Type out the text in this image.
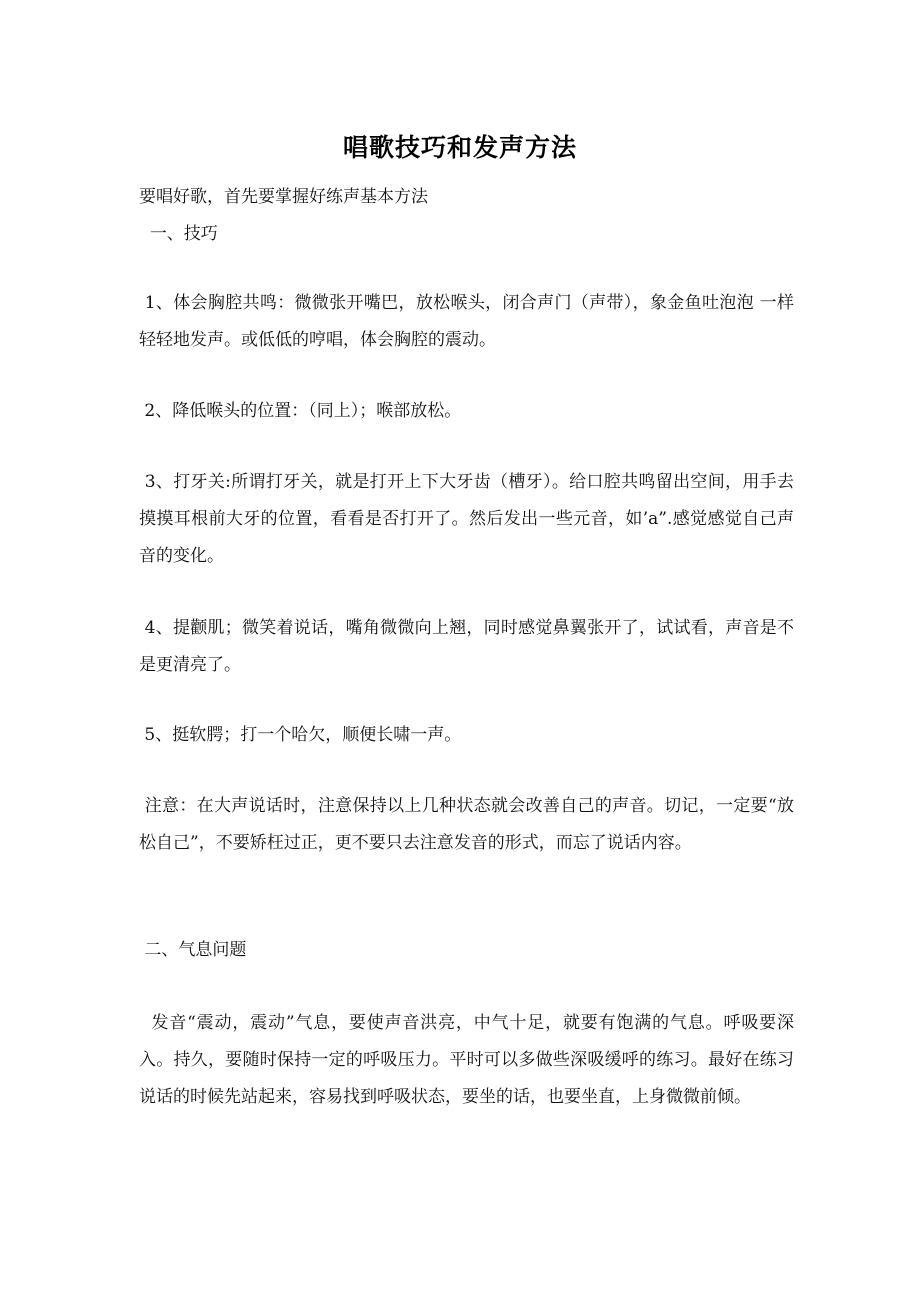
唱歌技巧和发声方法

要唱好歌，首先要掌握好练声基本方法

一、技巧

1、体会胸腔共鸣：微微张开嘴巴，放松喉头，闭合声门（声带），象金鱼吐泡泡 一样轻轻地发声。或低低的哼唱，体会胸腔的震动。

2、降低喉头的位置：（同上）；喉部放松。

3、打牙关:所谓打牙关，就是打开上下大牙齿（槽牙）。给口腔共鸣留出空间，用手去摸摸耳根前大牙的位置，看看是否打开了。然后发出一些元音，如’a”.感觉感觉自己声音的变化。

4、提颧肌；微笑着说话，嘴角微微向上翘，同时感觉鼻翼张开了，试试看，声音是不是更清亮了。

5、挺软腭；打一个哈欠，顺便长啸一声。

注意：在大声说话时，注意保持以上几种状态就会改善自己的声音。切记，一定要“放松自己”，不要矫枉过正，更不要只去注意发音的形式，而忘了说话内容。

二、气息问题

发音“震动，震动”气息，要使声音洪亮，中气十足，就要有饱满的气息。呼吸要深入。持久，要随时保持一定的呼吸压力。平时可以多做些深吸缓呼的练习。最好在练习说话的时候先站起来，容易找到呼吸状态，要坐的话，也要坐直，上身微微前倾。
